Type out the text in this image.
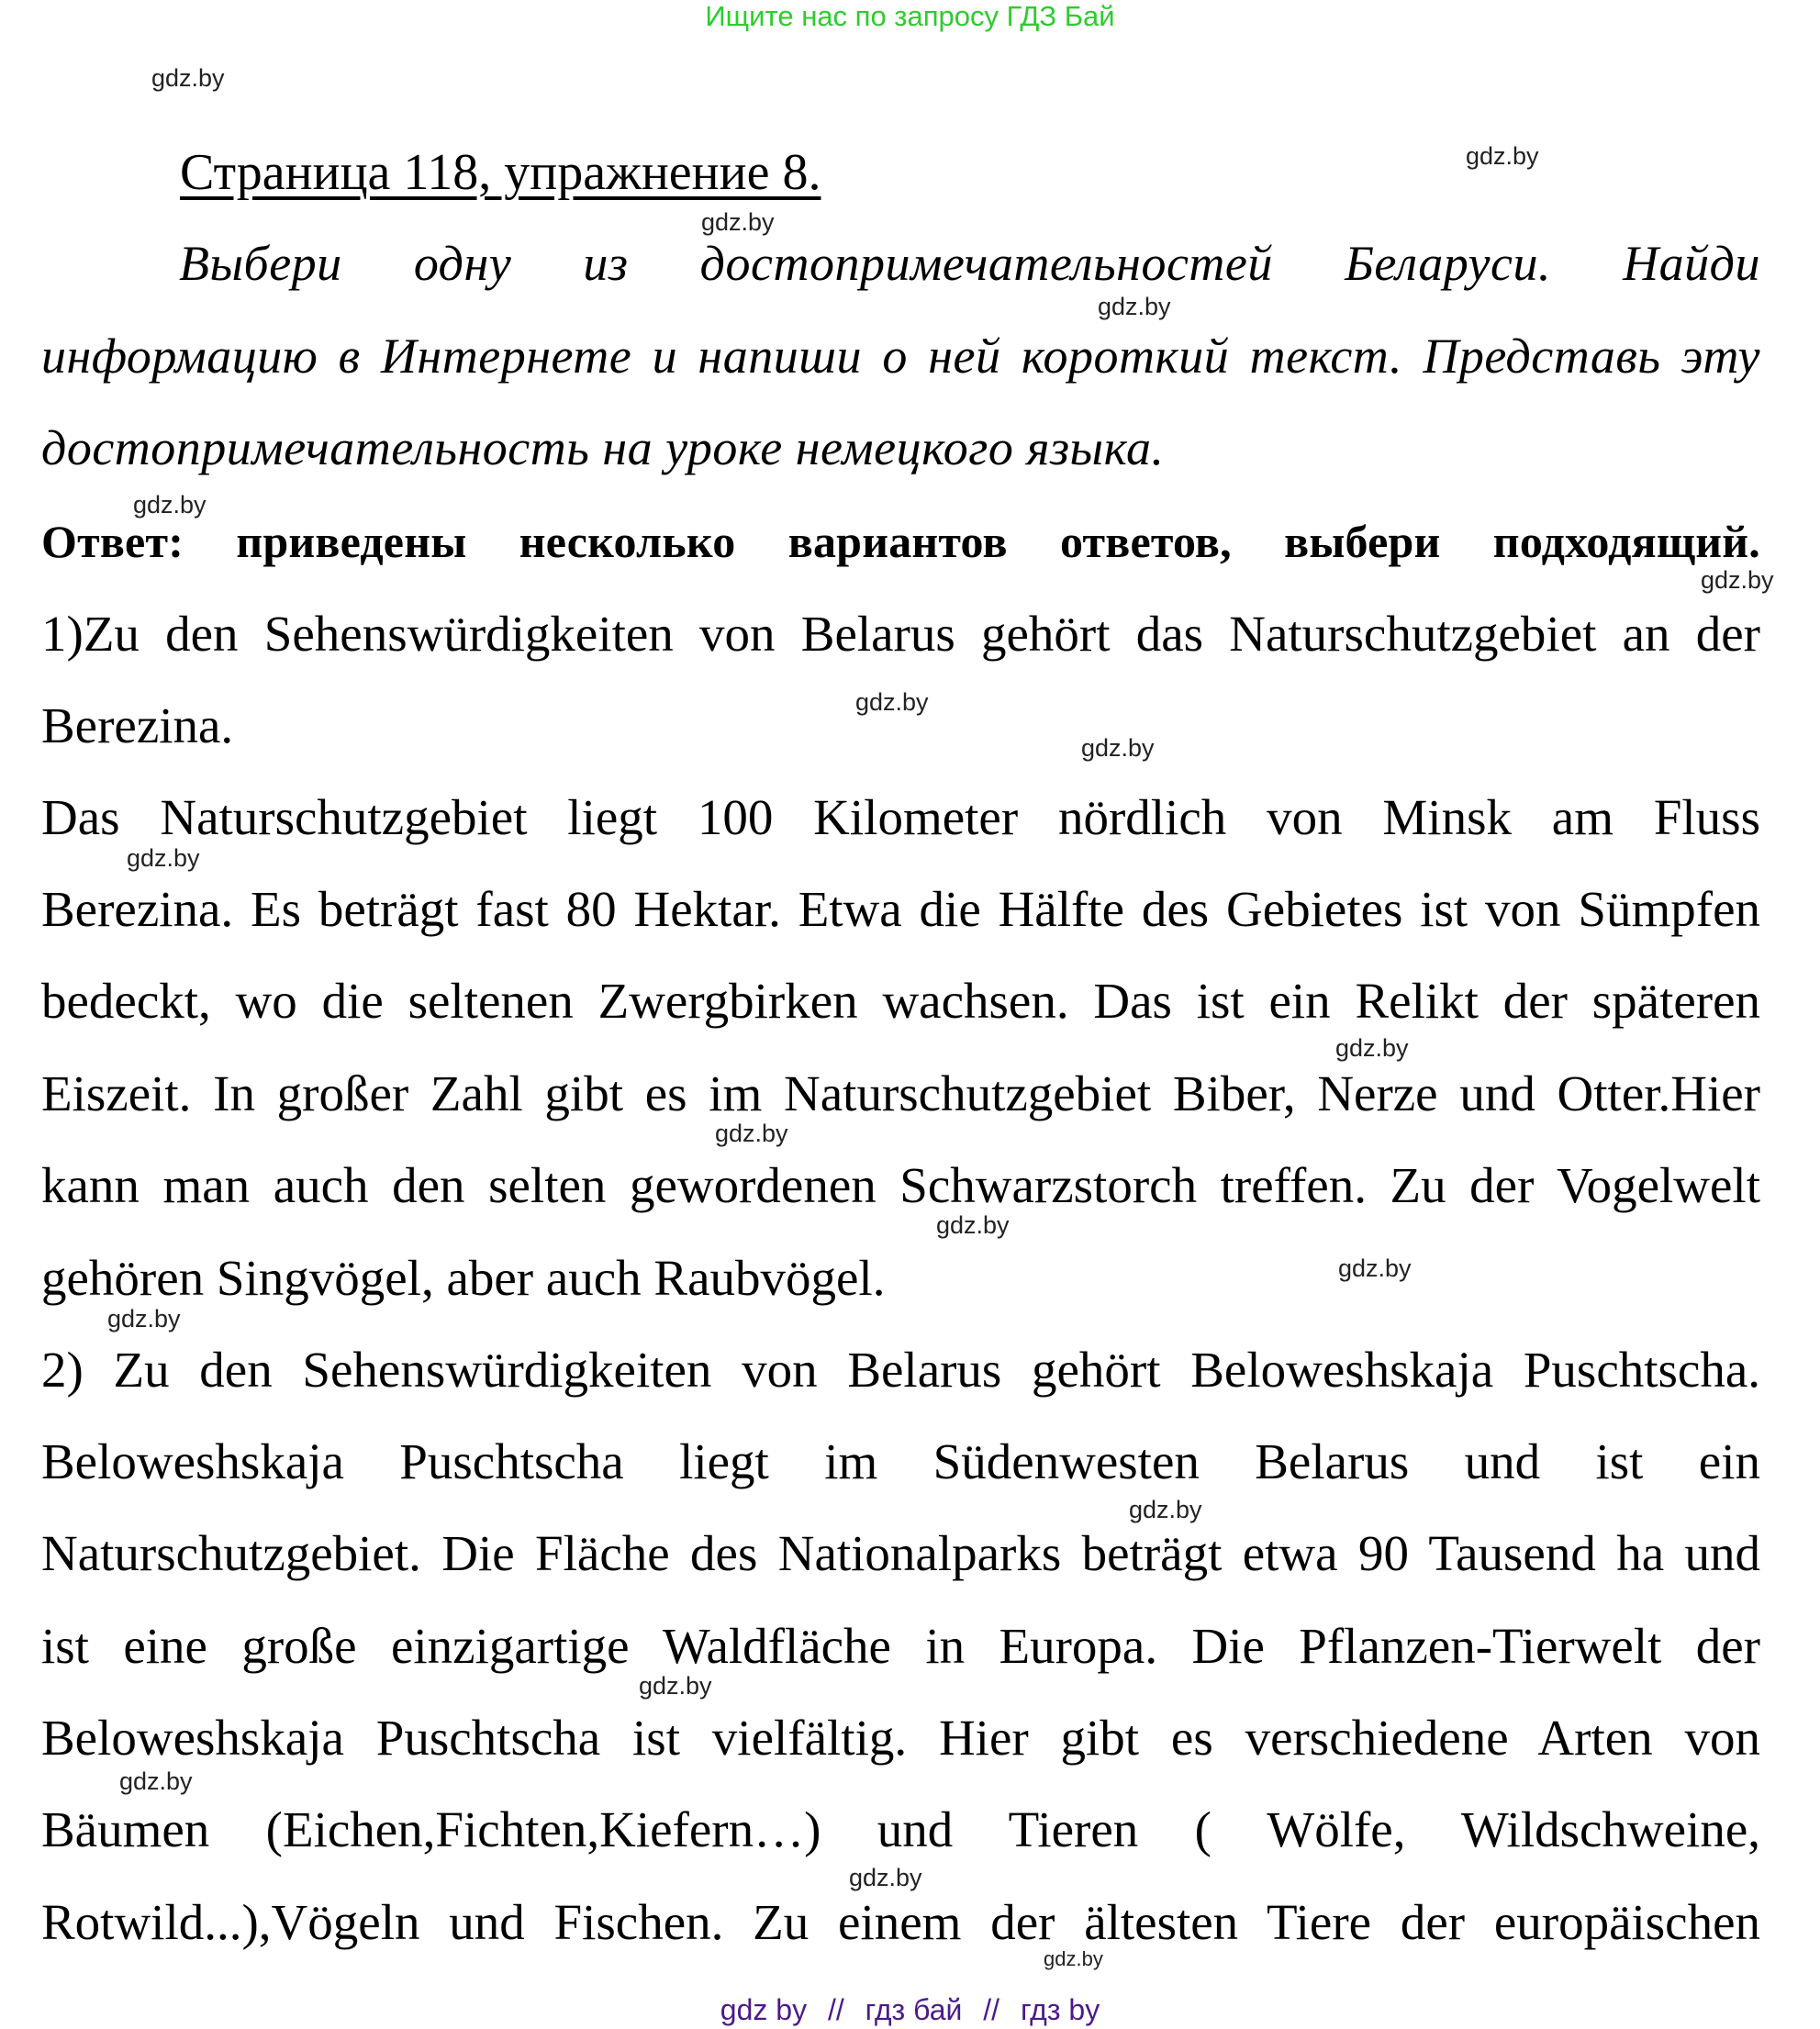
Ищите нас по запросу ГДЗ Бай
gdz.by
gdz.by
gdz.by
gdz.by
gdz.by
gdz.by
gdz.by
gdz.by
gdz.by
gdz.by
gdz.by
gdz.by
gdz.by
gdz.by
gdz.by
gdz.by
gdz.by
gdz.by
gdz.by
Страница 118, упражнение 8.
Выбери одну из достопримечательностей Беларуси. Найди
информацию в Интернете и напиши о ней короткий текст. Представь эту
достопримечательность на уроке немецкого языка.
Ответ: приведены несколько вариантов ответов, выбери подходящий.
1)Zu den Sehenswürdigkeiten von Belarus gehört das Naturschutzgebiet an der
Berezina.
Das Naturschutzgebiet liegt 100 Kilometer nördlich von Minsk am Fluss
Berezina. Es beträgt fast 80 Hektar. Etwa die Hälfte des Gebietes ist von Sümpfen
bedeckt, wo die seltenen Zwergbirken wachsen. Das ist ein Relikt der späteren
Eiszeit. In großer Zahl gibt es im Naturschutzgebiet Biber, Nerze und Otter.Hier
kann man auch den selten gewordenen Schwarzstorch treffen. Zu der Vogelwelt
gehören Singvögel, aber auch Raubvögel.
2) Zu den Sehenswürdigkeiten von Belarus gehört Beloweshskaja Puschtscha.
Beloweshskaja Puschtscha liegt im Südenwesten Belarus und ist ein
Naturschutzgebiet. Die Fläche des Nationalparks beträgt etwa 90 Tausend ha und
ist eine große einzigartige Waldfläche in Europa. Die Pflanzen-Tierwelt der
Beloweshskaja Puschtscha ist vielfältig. Hier gibt es verschiedene Arten von
Bäumen (Eichen,Fichten,Kiefern…) und Tieren ( Wölfe, Wildschweine,
Rotwild...),Vögeln und Fischen. Zu einem der ältesten Tiere der europäischen
gdz by // гдз бай // гдз by
